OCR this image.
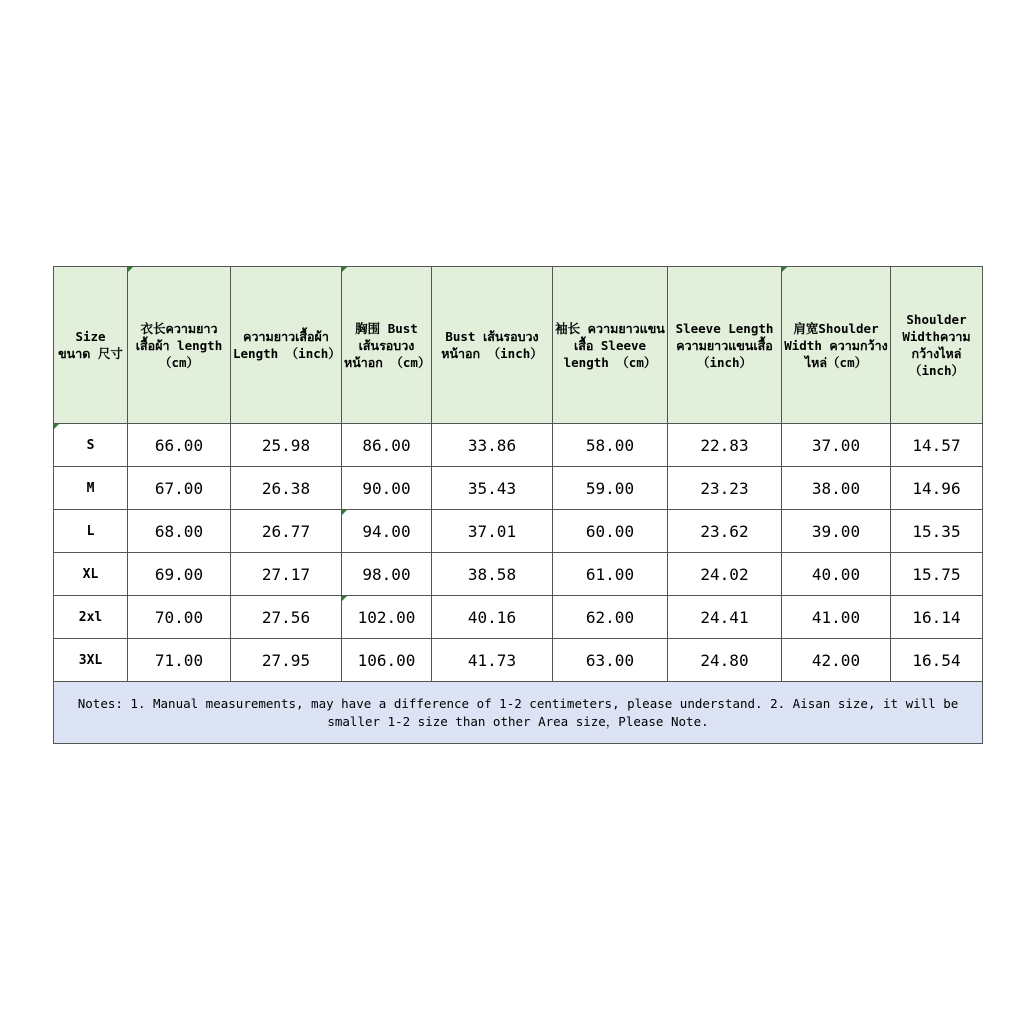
Size ขนาด 尺寸	衣长ความยาวเสื้อผ้า length （cm）	ความยาวเสื้อผ้า Length （inch）	胸围 Bust เส้นรอบวงหน้าอก （cm）	Bust เส้นรอบวงหน้าอก （inch）	袖长 ความยาวแขนเสื้อ Sleeve length （cm）	Sleeve Length ความยาวแขนเสื้อ （inch）	肩宽Shoulder Width ความกว้างไหล่（cm）	Shoulder Widthความกว้างไหล่ （inch）

S	66.00	25.98	86.00	33.86	58.00	22.83	37.00	14.57
M	67.00	26.38	90.00	35.43	59.00	23.23	38.00	14.96
L	68.00	26.77	94.00	37.01	60.00	23.62	39.00	15.35
XL	69.00	27.17	98.00	38.58	61.00	24.02	40.00	15.75
2xl	70.00	27.56	102.00	40.16	62.00	24.41	41.00	16.14
3XL	71.00	27.95	106.00	41.73	63.00	24.80	42.00	16.54
Notes: 1. Manual measurements, may have a difference of 1-2 centimeters, please understand. 2. Aisan size, it will be smaller 1-2 size than other Area size，Please Note.								
